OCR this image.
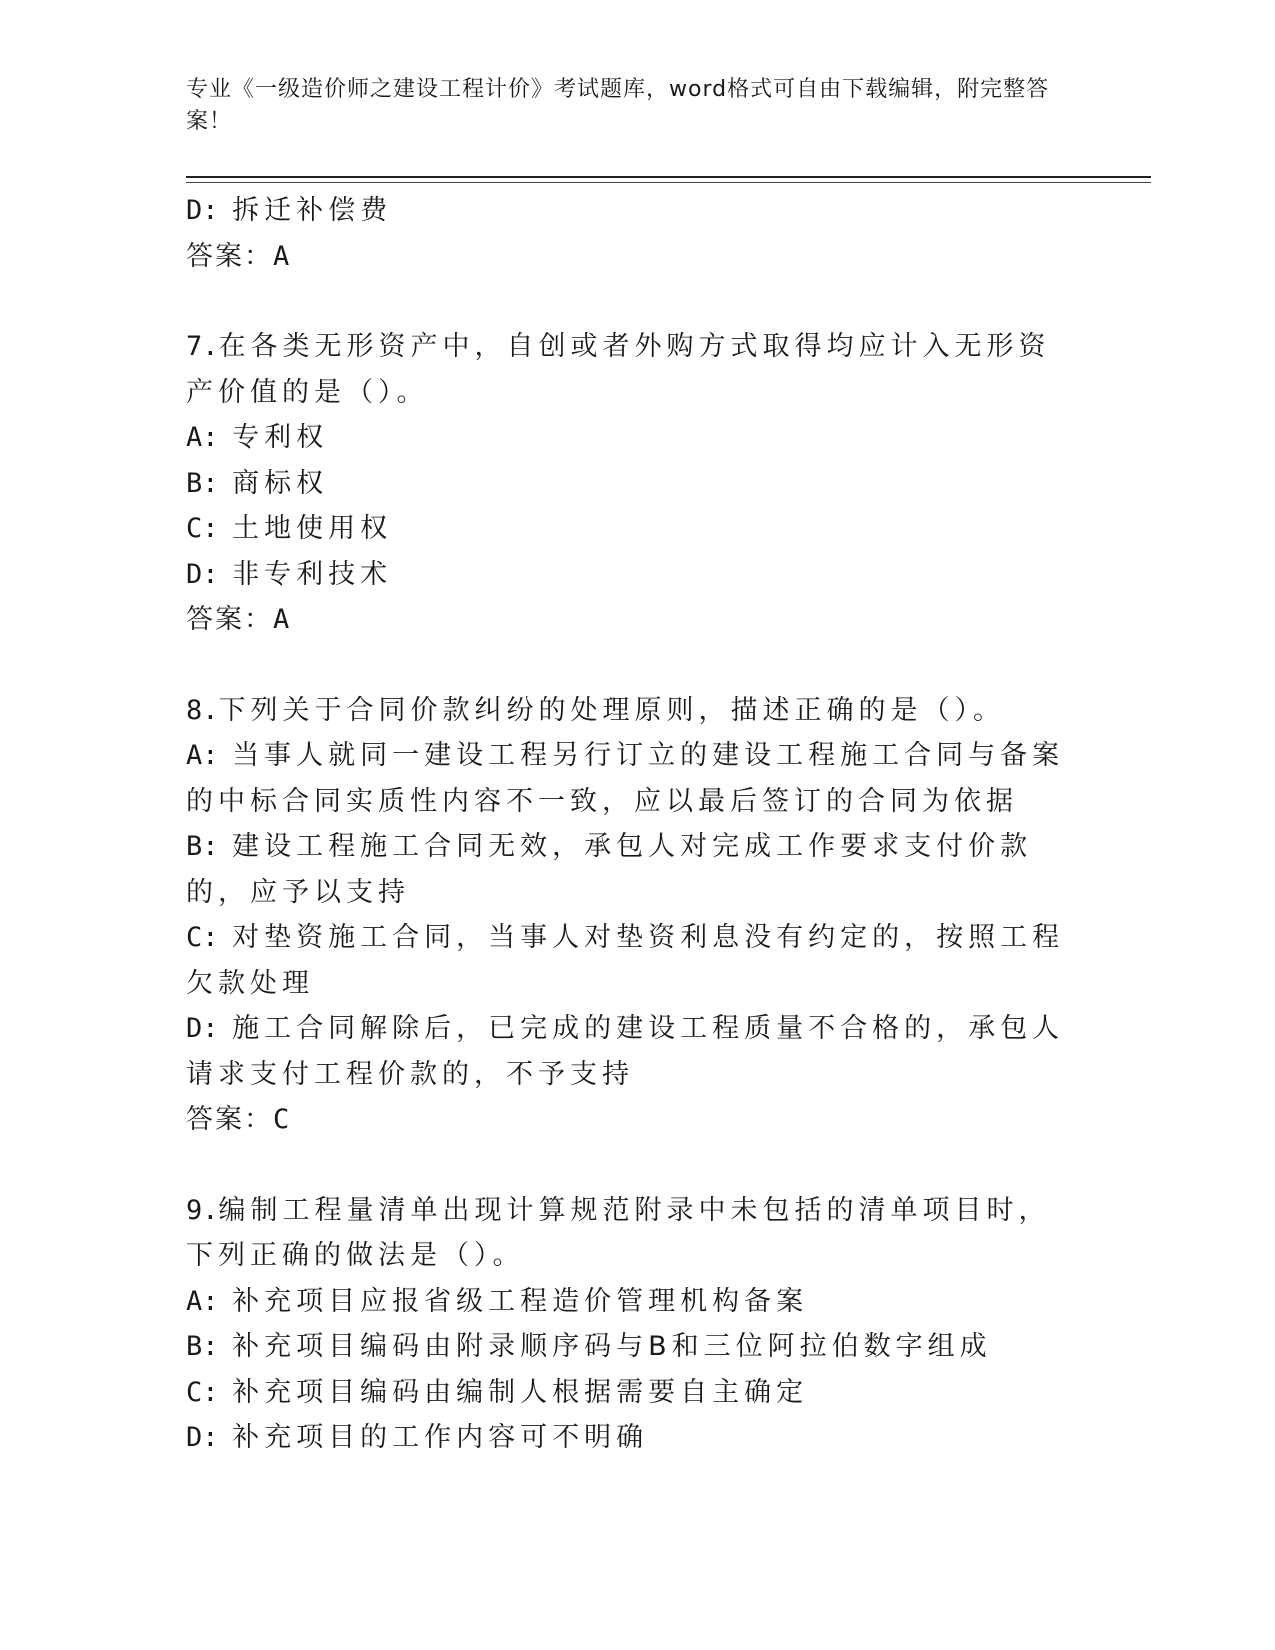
专业《一级造价师之建设工程计价》考试题库，word格式可自由下载编辑，附完整答案！
D: 拆迁补偿费
答案：A
7.在各类无形资产中，自创或者外购方式取得均应计入无形资产价值的是（）。
A: 专利权
B: 商标权
C: 土地使用权
D: 非专利技术
答案：A
8.下列关于合同价款纠纷的处理原则，描述正确的是（）。
A: 当事人就同一建设工程另行订立的建设工程施工合同与备案的中标合同实质性内容不一致，应以最后签订的合同为依据
B: 建设工程施工合同无效，承包人对完成工作要求支付价款的，应予以支持
C: 对垫资施工合同，当事人对垫资利息没有约定的，按照工程欠款处理
D: 施工合同解除后，已完成的建设工程质量不合格的，承包人请求支付工程价款的，不予支持
答案：C
9.编制工程量清单出现计算规范附录中未包括的清单项目时，下列正确的做法是（）。
A: 补充项目应报省级工程造价管理机构备案
B: 补充项目编码由附录顺序码与B和三位阿拉伯数字组成
C: 补充项目编码由编制人根据需要自主确定
D: 补充项目的工作内容可不明确
